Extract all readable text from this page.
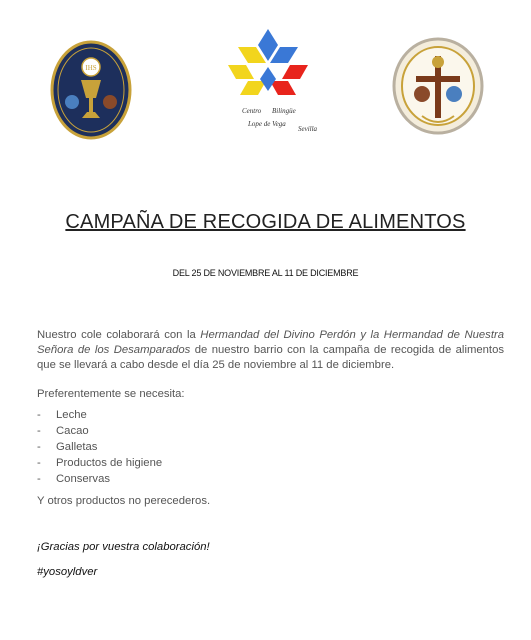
IHS
Centro Bilingüe
Lope de Vega
Sevilla
CAMPAÑA DE RECOGIDA DE ALIMENTOS
DEL 25 DE NOVIEMBRE AL 11 DE DICIEMBRE
Nuestro cole colaborará con la Hermandad del Divino Perdón y la Hermandad de Nuestra Señora de los Desamparados de nuestro barrio con la campaña de recogida de alimentos que se llevará a cabo desde el día 25 de noviembre al 11 de diciembre.
Preferentemente se necesita:
- Leche
- Cacao
- Galletas
- Productos de higiene
- Conservas
Y otros productos no perecederos.
¡Gracias por vuestra colaboración!
#yosoyldver
